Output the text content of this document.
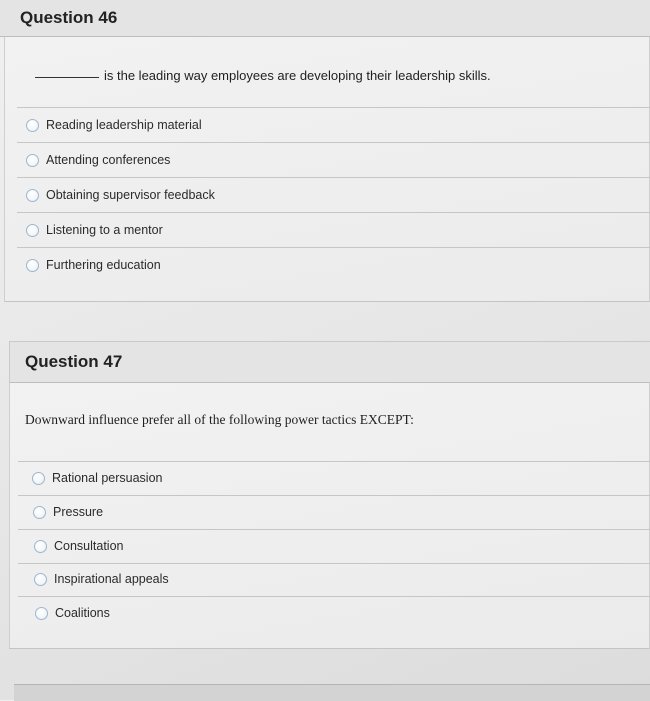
Question 46
is the leading way employees are developing their leadership skills.
Reading leadership material
Attending conferences
Obtaining supervisor feedback
Listening to a mentor
Furthering education
Question 47
Downward influence prefer all of the following power tactics EXCEPT:
Rational persuasion
Pressure
Consultation
Inspirational appeals
Coalitions
